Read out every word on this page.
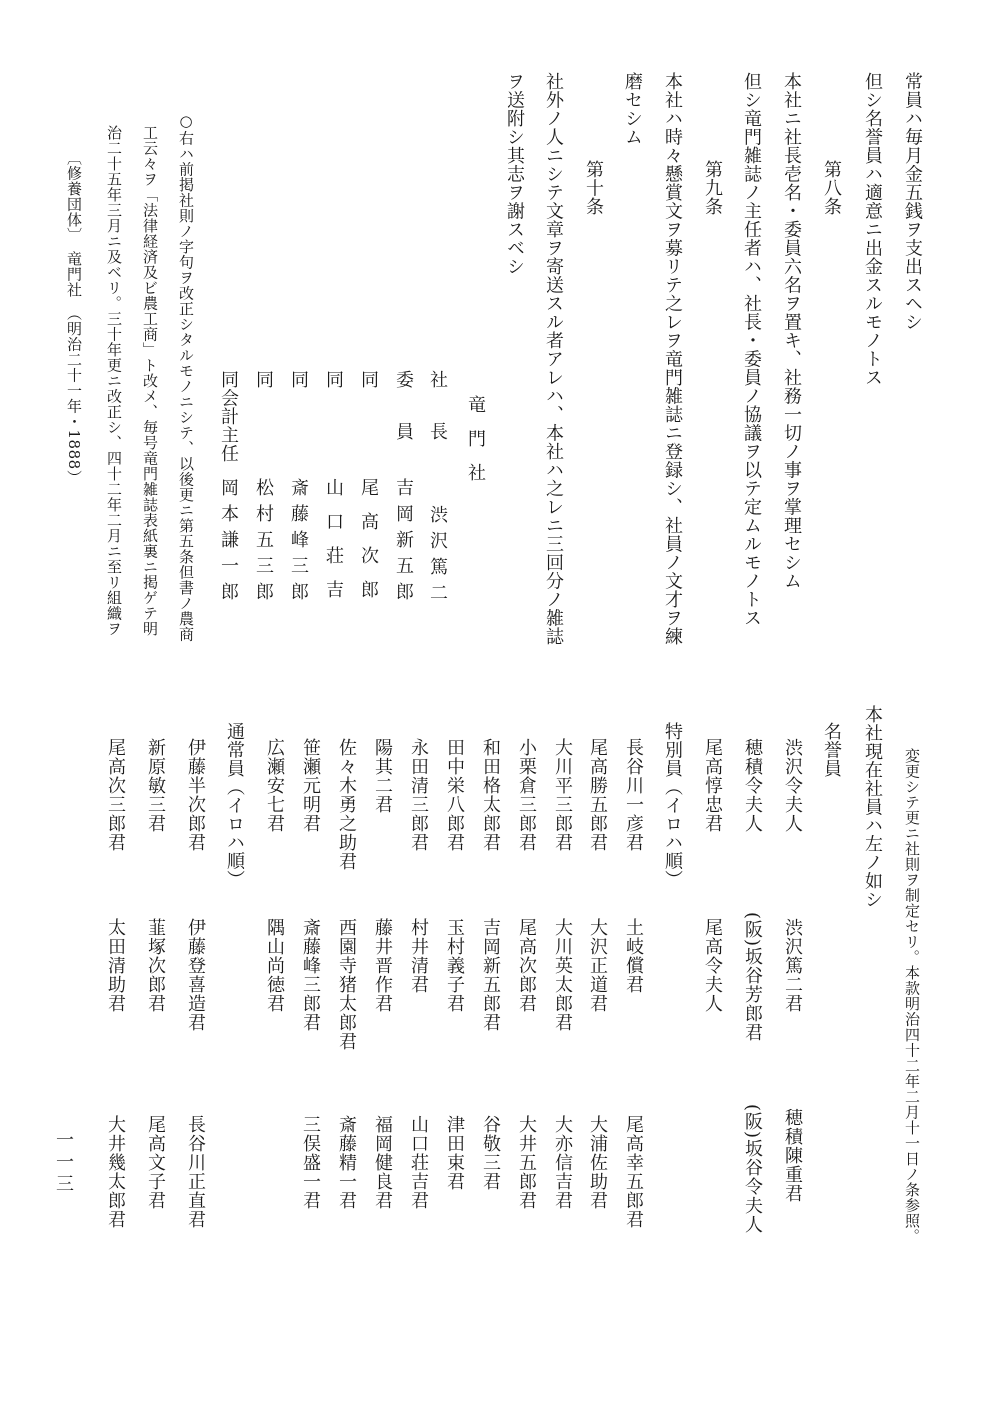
常員ハ毎月金五銭ヲ支出スヘシ
但シ名誉員ハ適意ニ出金スルモノトス
第八条
本社ニ社長壱名・委員六名ヲ置キ、社務一切ノ事ヲ掌理セシム
但シ竜門雑誌ノ主任者ハ、社長・委員ノ協議ヲ以テ定ムルモノトス
第九条
本社ハ時々懸賞文ヲ募リテ之レヲ竜門雑誌ニ登録シ、社員ノ文才ヲ練
磨セシム
第十条
社外ノ人ニシテ文章ヲ寄送スル者アレハ、本社ハ之レニ三回分ノ雑誌
ヲ送附シ其志ヲ謝スベシ
竜門社
社　長
渋沢篤二
委　員
吉岡新五郎
同
尾高次郎
同
山口荘吉
同
斎藤峰三郎
同
松村五三郎
同会計主任
岡本謙一郎
○右ハ前掲社則ノ字句ヲ改正シタルモノニシテ、以後更ニ第五条但書ノ農商
工云々ヲ「法律経済及ビ農工商」ト改メ、毎号竜門雑誌表紙裏ニ掲ゲテ明
治二十五年三月ニ及ベリ。三十年更ニ改正シ、四十二年二月ニ至リ組織ヲ
〔修養団体〕　竜門社　（明治二十一年・1888）
変更シテ更ニ社則ヲ制定セリ。本款明治四十二年二月十一日ノ条参照。
本社現在社員ハ左ノ如シ
名誉員
渋沢令夫人
渋沢篤二君
穂積陳重君
穂積令夫人
(阪)坂谷芳郎君
(阪)坂谷令夫人
尾高惇忠君
尾高令夫人
特別員（イロハ順）
長谷川一彦君
土岐償君
尾高幸五郎君
尾高勝五郎君
大沢正道君
大浦佐助君
大川平三郎君
大川英太郎君
大亦信吉君
小栗倉三郎君
尾高次郎君
大井五郎君
和田格太郎君
吉岡新五郎君
谷敬三君
田中栄八郎君
玉村義子君
津田束君
永田清三郎君
村井清君
山口荘吉君
陽其二君
藤井晋作君
福岡健良君
佐々木勇之助君
西園寺猪太郎君
斎藤精一君
笹瀬元明君
斎藤峰三郎君
三俣盛一君
広瀬安七君
隅山尚徳君
通常員（イロハ順）
伊藤半次郎君
伊藤登喜造君
長谷川正直君
新原敏三君
韮塚次郎君
尾高文子君
尾高次三郎君
太田清助君
大井幾太郎君
一一三
